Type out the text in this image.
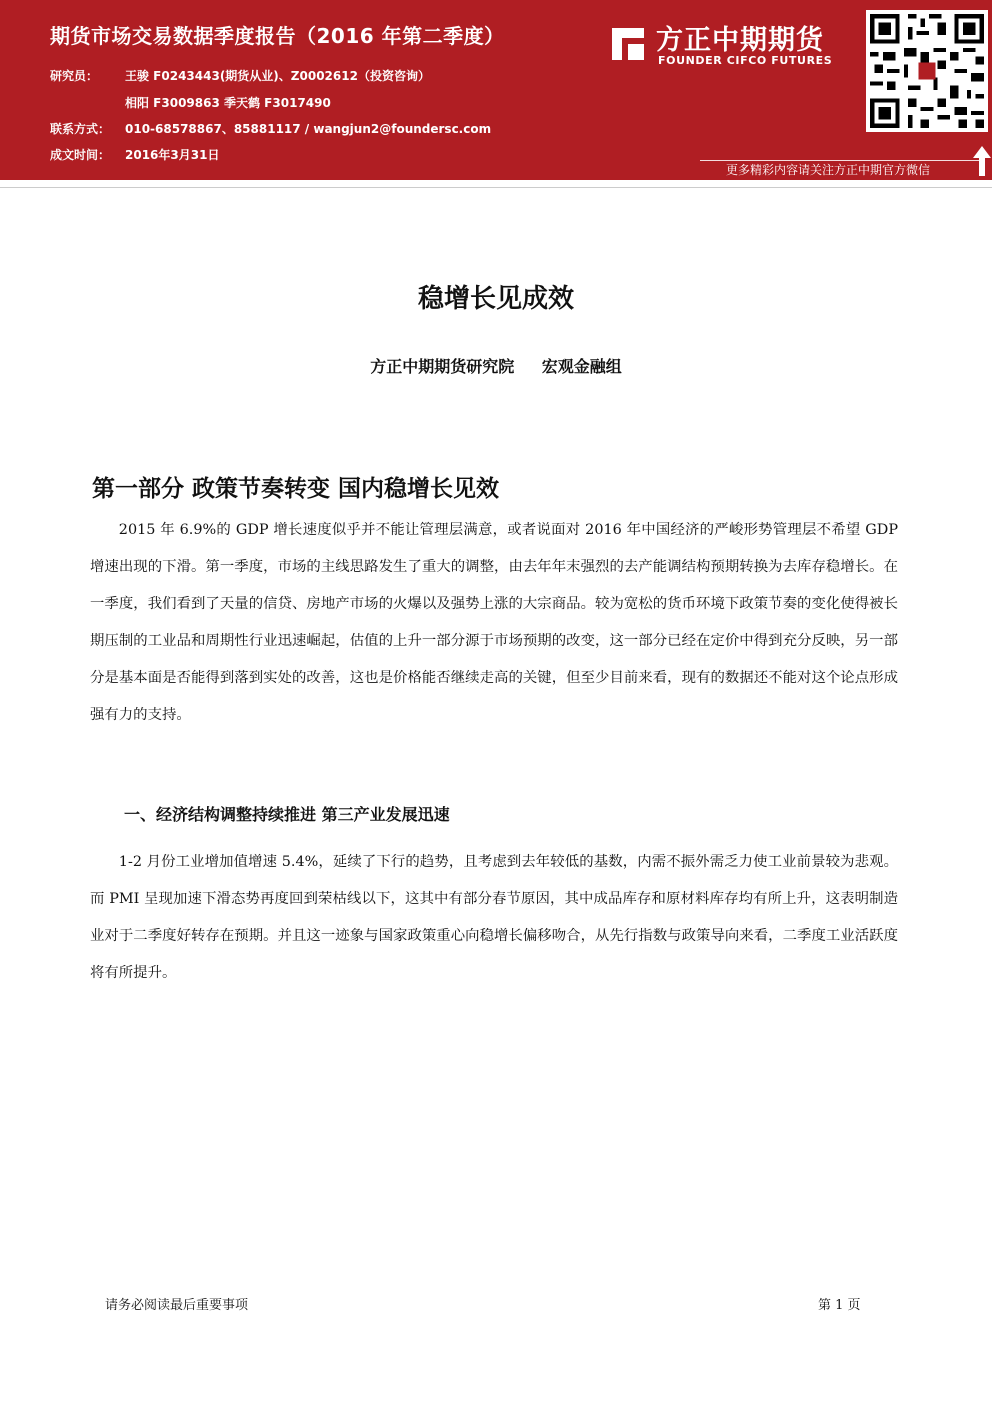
期货市场交易数据季度报告（2016 年第二季度）
研究员： 王骏 F0243443(期货从业)、Z0002612（投资咨询）
相阳 F3009863 季天鹤 F3017490
联系方式： 010-68578867、85881117 / wangjun2@foundersc.com
成文时间： 2016年3月31日
方正中期期货
FOUNDER CIFCO FUTURES
更多精彩内容请关注方正中期官方微信
稳增长见成效
方正中期期货研究院 宏观金融组
第一部分 政策节奏转变 国内稳增长见效

2015 年 6.9%的 GDP 增长速度似乎并不能让管理层满意，或者说面对 2016 年中国经济的严峻形势管理层不希望 GDP 增速出现的下滑。第一季度，市场的主线思路发生了重大的调整，由去年年末强烈的去产能调结构预期转换为去库存稳增长。在一季度，我们看到了天量的信贷、房地产市场的火爆以及强势上涨的大宗商品。较为宽松的货币环境下政策节奏的变化使得被长期压制的工业品和周期性行业迅速崛起，估值的上升一部分源于市场预期的改变，这一部分已经在定价中得到充分反映，另一部分是基本面是否能得到落到实处的改善，这也是价格能否继续走高的关键，但至少目前来看，现有的数据还不能对这个论点形成强有力的支持。

一、经济结构调整持续推进 第三产业发展迅速

1-2 月份工业增加值增速 5.4%，延续了下行的趋势，且考虑到去年较低的基数，内需不振外需乏力使工业前景较为悲观。而 PMI 呈现加速下滑态势再度回到荣枯线以下，这其中有部分春节原因，其中成品库存和原材料库存均有所上升，这表明制造业对于二季度好转存在预期。并且这一迹象与国家政策重心向稳增长偏移吻合，从先行指数与政策导向来看，二季度工业活跃度将有所提升。

请务必阅读最后重要事项	第 1 页
